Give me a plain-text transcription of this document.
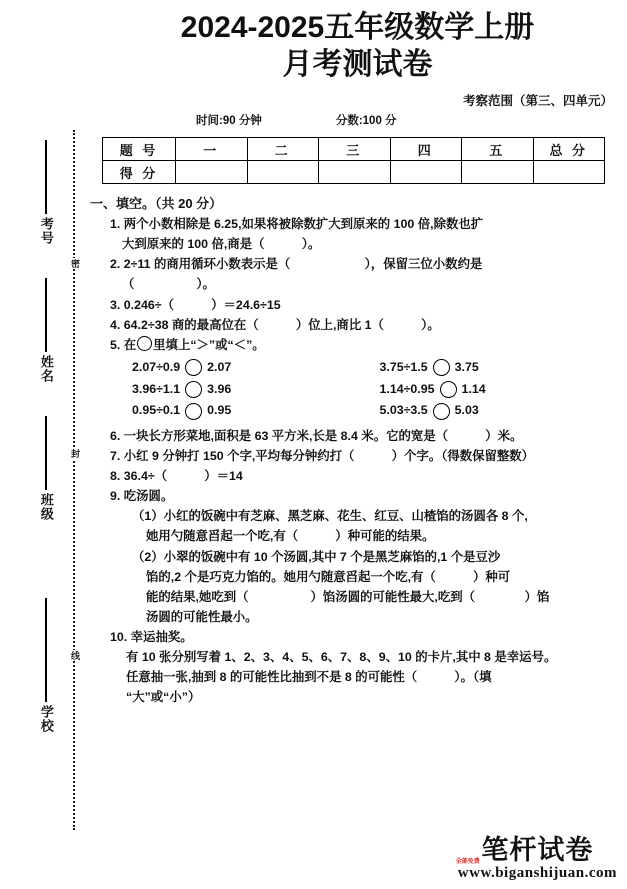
考号
姓名
班级
学校
密
封
线
2024-2025五年级数学上册
月考测试卷
考察范围（第三、四单元）
时间:90 分钟	分数:100 分
题 号	一	二	三	四	五	总 分
得 分						
一、填空。（共 20 分）
1. 两个小数相除是 6.25,如果将被除数扩大到原来的 100 倍,除数也扩
大到原来的 100 倍,商是（　　　）。
2. 2÷11 的商用循环小数表示是（　　　　　　），保留三位小数约是
（　　　　　）。
3. 0.246÷（　　　）＝24.6÷15
4. 64.2÷38 商的最高位在（　　　）位上,商比 1（　　　）。
5. 在 里填上“＞”或“＜”。
2.07÷0.9 2.07	3.75÷1.5 3.75
3.96÷1.1 3.96	1.14÷0.95 1.14
0.95÷0.1 0.95	5.03÷3.5 5.03
6. 一块长方形菜地,面积是 63 平方米,长是 8.4 米。它的宽是（　　　）米。
7. 小红 9 分钟打 150 个字,平均每分钟约打（　　　）个字。（得数保留整数）
8. 36.4÷（　　　）＝14
9. 吃汤圆。
（1）小红的饭碗中有芝麻、黑芝麻、花生、红豆、山楂馅的汤圆各 8 个,
她用勺随意舀起一个吃,有（　　　）种可能的结果。
（2）小翠的饭碗中有 10 个汤圆,其中 7 个是黑芝麻馅的,1 个是豆沙
馅的,2 个是巧克力馅的。她用勺随意舀起一个吃,有（　　　）种可
能的结果,她吃到（　　　　　）馅汤圆的可能性最大,吃到（　　　　）馅
汤圆的可能性最小。
10. 幸运抽奖。
有 10 张分别写着 1、2、3、4、5、6、7、8、9、10 的卡片,其中 8 是幸运号。
任意抽一张,抽到 8 的可能性比抽到不是 8 的可能性（　　　）。（填
“大”或“小”）
全部免费 笔杆试卷
www.biganshijuan.com
